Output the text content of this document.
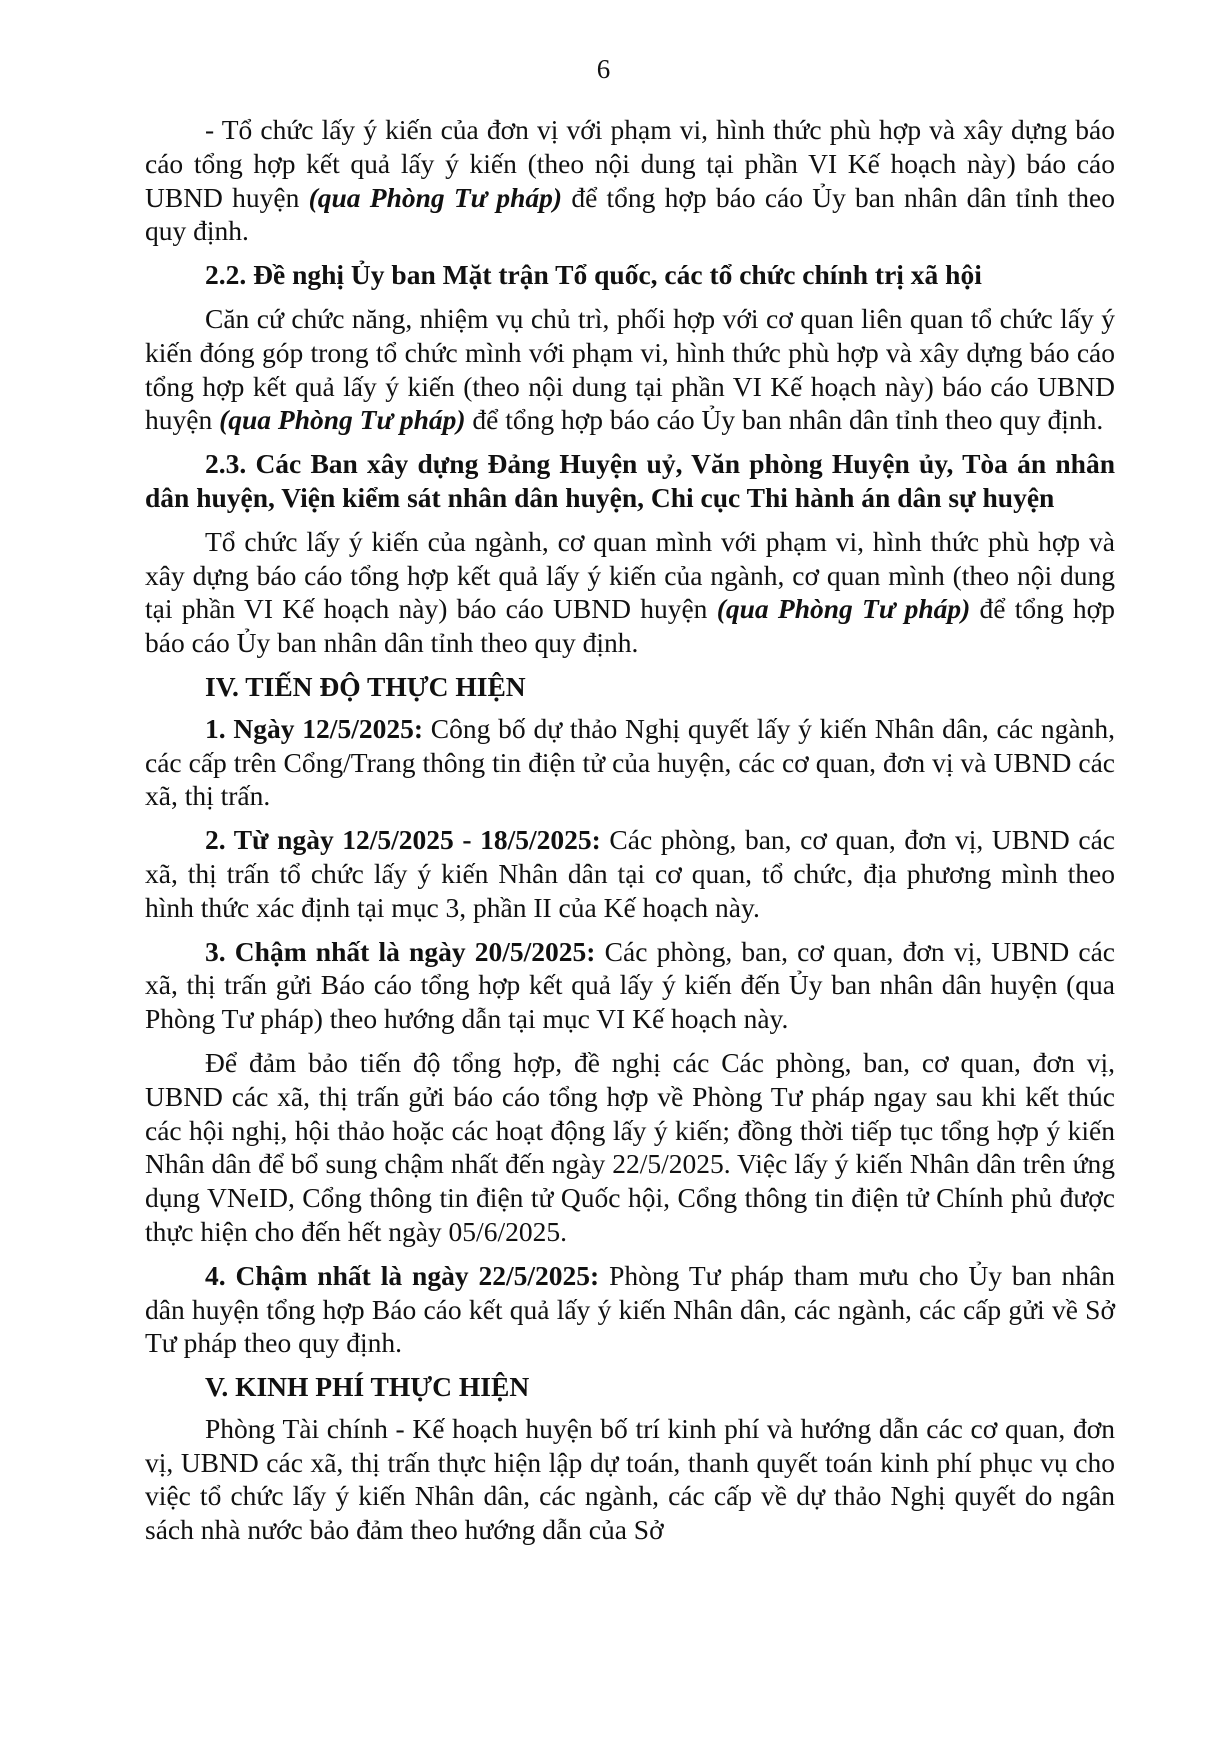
6

- Tổ chức lấy ý kiến của đơn vị với phạm vi, hình thức phù hợp và xây dựng báo cáo tổng hợp kết quả lấy ý kiến (theo nội dung tại phần VI Kế hoạch này) báo cáo UBND huyện (qua Phòng Tư pháp) để tổng hợp báo cáo Ủy ban nhân dân tỉnh theo quy định.

2.2. Đề nghị Ủy ban Mặt trận Tổ quốc, các tổ chức chính trị xã hội

Căn cứ chức năng, nhiệm vụ chủ trì, phối hợp với cơ quan liên quan tổ chức lấy ý kiến đóng góp trong tổ chức mình với phạm vi, hình thức phù hợp và xây dựng báo cáo tổng hợp kết quả lấy ý kiến (theo nội dung tại phần VI Kế hoạch này) báo cáo UBND huyện (qua Phòng Tư pháp) để tổng hợp báo cáo Ủy ban nhân dân tỉnh theo quy định.

2.3. Các Ban xây dựng Đảng Huyện uỷ, Văn phòng Huyện ủy, Tòa án nhân dân huyện, Viện kiểm sát nhân dân huyện, Chi cục Thi hành án dân sự huyện

Tổ chức lấy ý kiến của ngành, cơ quan mình với phạm vi, hình thức phù hợp và xây dựng báo cáo tổng hợp kết quả lấy ý kiến của ngành, cơ quan mình (theo nội dung tại phần VI Kế hoạch này) báo cáo UBND huyện (qua Phòng Tư pháp) để tổng hợp báo cáo Ủy ban nhân dân tỉnh theo quy định.

IV. TIẾN ĐỘ THỰC HIỆN

1. Ngày 12/5/2025: Công bố dự thảo Nghị quyết lấy ý kiến Nhân dân, các ngành, các cấp trên Cổng/Trang thông tin điện tử của huyện, các cơ quan, đơn vị và UBND các xã, thị trấn.

2. Từ ngày 12/5/2025 - 18/5/2025: Các phòng, ban, cơ quan, đơn vị, UBND các xã, thị trấn tổ chức lấy ý kiến Nhân dân tại cơ quan, tổ chức, địa phương mình theo hình thức xác định tại mục 3, phần II của Kế hoạch này.

3. Chậm nhất là ngày 20/5/2025: Các phòng, ban, cơ quan, đơn vị, UBND các xã, thị trấn gửi Báo cáo tổng hợp kết quả lấy ý kiến đến Ủy ban nhân dân huyện (qua Phòng Tư pháp) theo hướng dẫn tại mục VI Kế hoạch này.

Để đảm bảo tiến độ tổng hợp, đề nghị các Các phòng, ban, cơ quan, đơn vị, UBND các xã, thị trấn gửi báo cáo tổng hợp về Phòng Tư pháp ngay sau khi kết thúc các hội nghị, hội thảo hoặc các hoạt động lấy ý kiến; đồng thời tiếp tục tổng hợp ý kiến Nhân dân để bổ sung chậm nhất đến ngày 22/5/2025. Việc lấy ý kiến Nhân dân trên ứng dụng VNeID, Cổng thông tin điện tử Quốc hội, Cổng thông tin điện tử Chính phủ được thực hiện cho đến hết ngày 05/6/2025.

4. Chậm nhất là ngày 22/5/2025: Phòng Tư pháp tham mưu cho Ủy ban nhân dân huyện tổng hợp Báo cáo kết quả lấy ý kiến Nhân dân, các ngành, các cấp gửi về Sở Tư pháp theo quy định.

V. KINH PHÍ THỰC HIỆN

Phòng Tài chính - Kế hoạch huyện bố trí kinh phí và hướng dẫn các cơ quan, đơn vị, UBND các xã, thị trấn thực hiện lập dự toán, thanh quyết toán kinh phí phục vụ cho việc tổ chức lấy ý kiến Nhân dân, các ngành, các cấp về dự thảo Nghị quyết do ngân sách nhà nước bảo đảm theo hướng dẫn của Sở
